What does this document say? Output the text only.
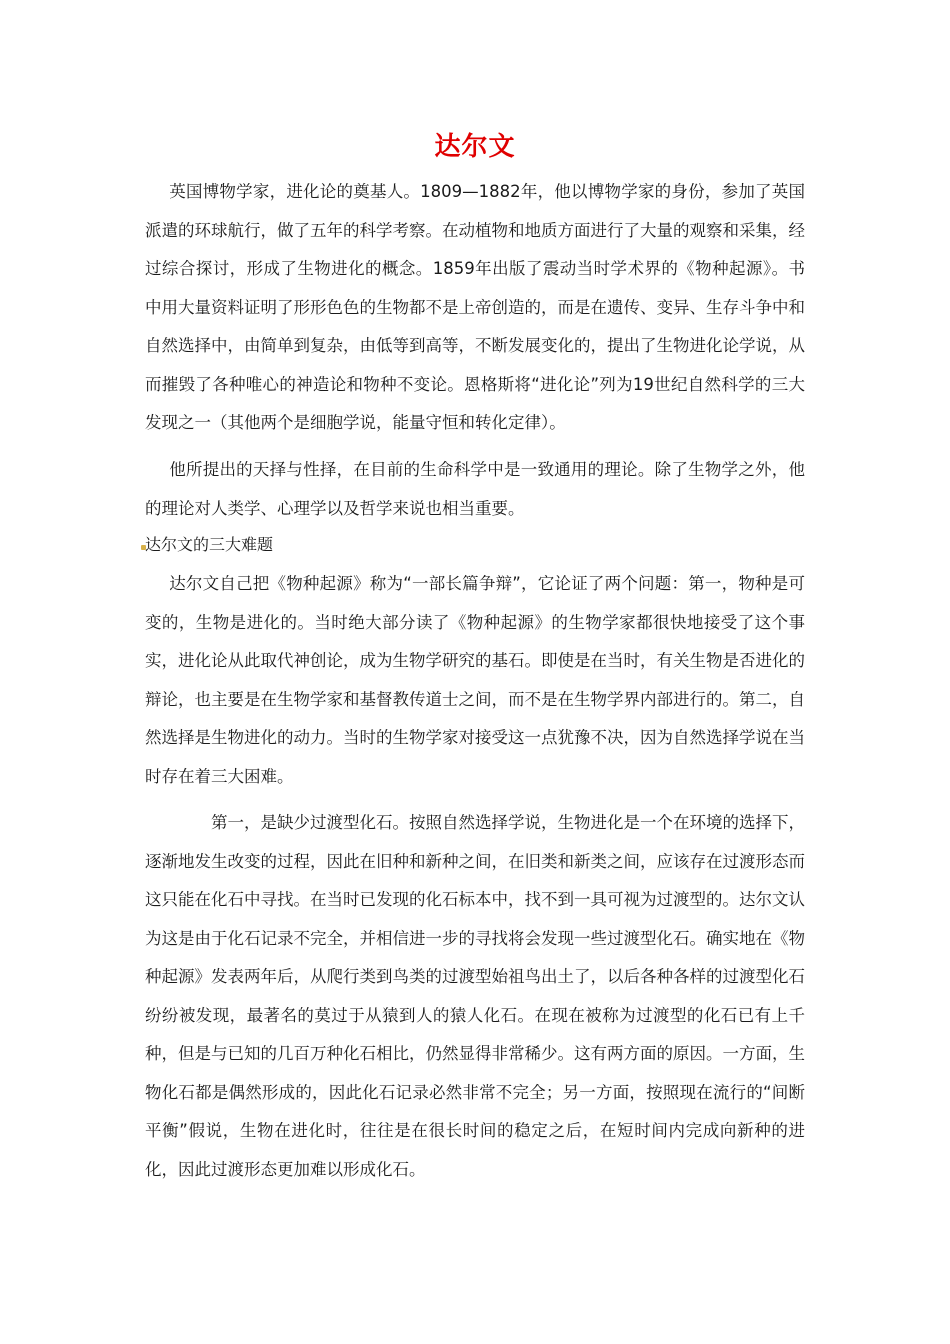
达尔文

英国博物学家，进化论的奠基人。1809—1882年，他以博物学家的身份，参加了英国派遣的环球航行，做了五年的科学考察。在动植物和地质方面进行了大量的观察和采集，经过综合探讨，形成了生物进化的概念。1859年出版了震动当时学术界的《物种起源》。书中用大量资料证明了形形色色的生物都不是上帝创造的，而是在遗传、变异、生存斗争中和自然选择中，由简单到复杂，由低等到高等，不断发展变化的，提出了生物进化论学说，从而摧毁了各种唯心的神造论和物种不变论。恩格斯将“进化论”列为19世纪自然科学的三大发现之一（其他两个是细胞学说，能量守恒和转化定律）。

他所提出的天择与性择，在目前的生命科学中是一致通用的理论。除了生物学之外，他的理论对人类学、心理学以及哲学来说也相当重要。

达尔文的三大难题

达尔文自己把《物种起源》称为“一部长篇争辩”，它论证了两个问题：第一，物种是可变的，生物是进化的。当时绝大部分读了《物种起源》的生物学家都很快地接受了这个事实，进化论从此取代神创论，成为生物学研究的基石。即使是在当时，有关生物是否进化的辩论，也主要是在生物学家和基督教传道士之间，而不是在生物学界内部进行的。第二，自然选择是生物进化的动力。当时的生物学家对接受这一点犹豫不决，因为自然选择学说在当时存在着三大困难。

第一，是缺少过渡型化石。按照自然选择学说，生物进化是一个在环境的选择下，逐渐地发生改变的过程，因此在旧种和新种之间，在旧类和新类之间，应该存在过渡形态而这只能在化石中寻找。在当时已发现的化石标本中，找不到一具可视为过渡型的。达尔文认为这是由于化石记录不完全，并相信进一步的寻找将会发现一些过渡型化石。确实地在《物种起源》发表两年后，从爬行类到鸟类的过渡型始祖鸟出土了，以后各种各样的过渡型化石纷纷被发现，最著名的莫过于从猿到人的猿人化石。在现在被称为过渡型的化石已有上千种，但是与已知的几百万种化石相比，仍然显得非常稀少。这有两方面的原因。一方面，生物化石都是偶然形成的，因此化石记录必然非常不完全；另一方面，按照现在流行的“间断平衡”假说，生物在进化时，往往是在很长时间的稳定之后，在短时间内完成向新种的进化，因此过渡形态更加难以形成化石。
